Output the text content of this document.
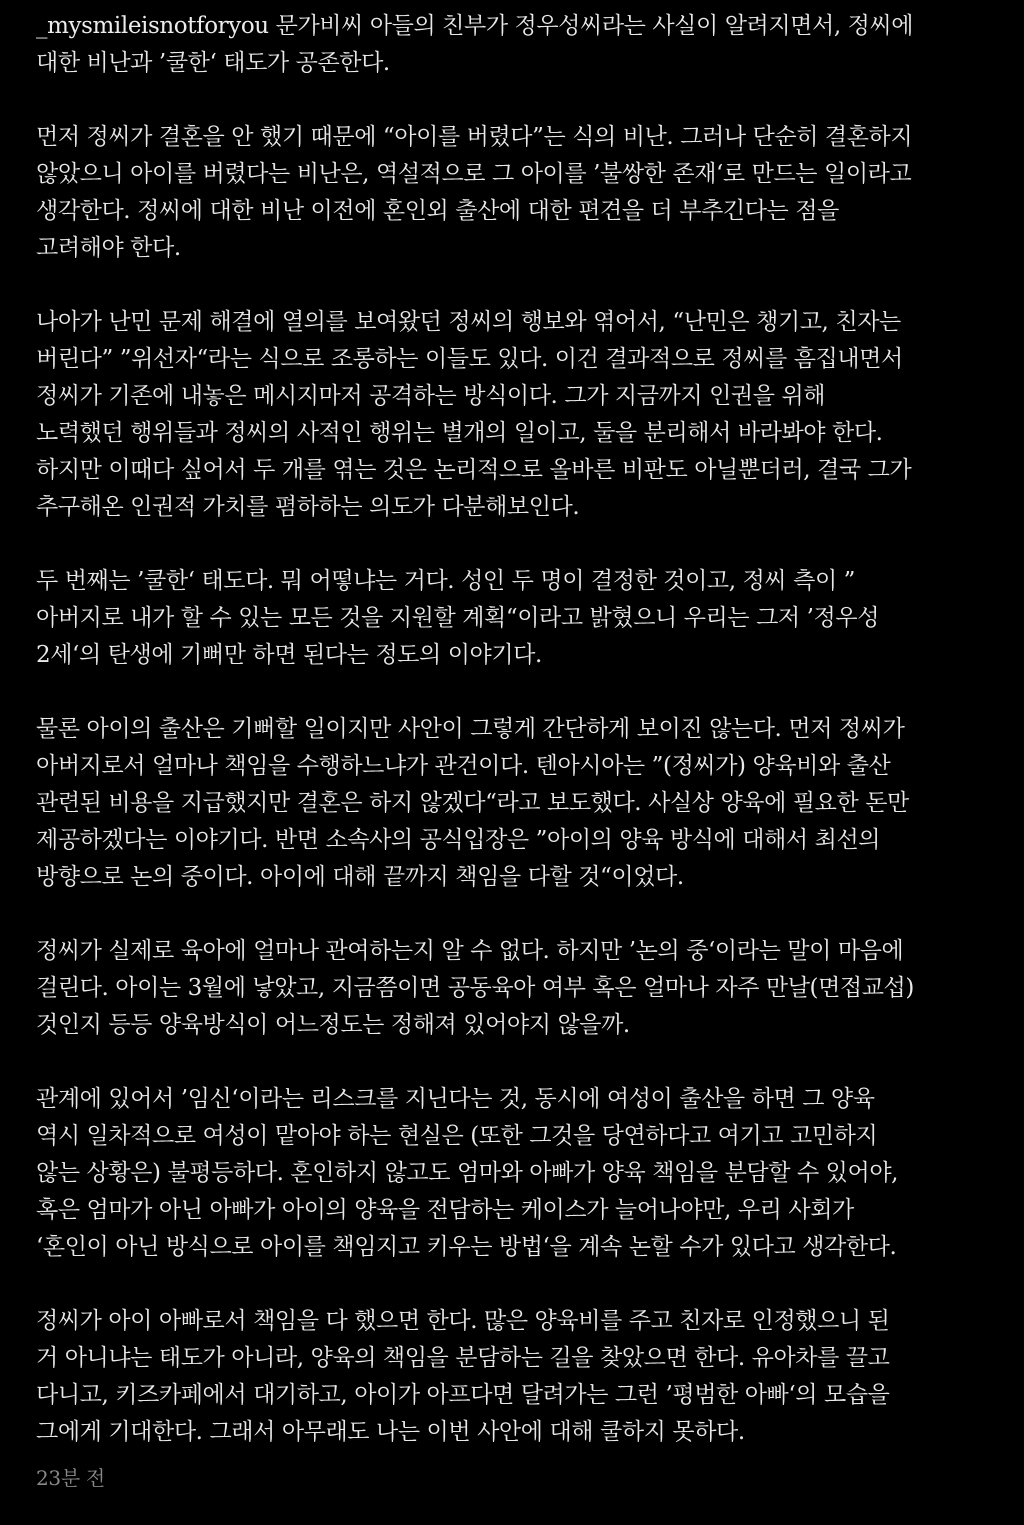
_mysmileisnotforyou 문가비씨 아들의 친부가 정우성씨라는 사실이 알려지면서, 정씨에
대한 비난과 ’쿨한‘ 태도가 공존한다.
먼저 정씨가 결혼을 안 했기 때문에 “아이를 버렸다”는 식의 비난. 그러나 단순히 결혼하지
않았으니 아이를 버렸다는 비난은, 역설적으로 그 아이를 ’불쌍한 존재‘로 만드는 일이라고
생각한다. 정씨에 대한 비난 이전에 혼인외 출산에 대한 편견을 더 부추긴다는 점을
고려해야 한다.
나아가 난민 문제 해결에 열의를 보여왔던 정씨의 행보와 엮어서, “난민은 챙기고, 친자는
버린다” ”위선자“라는 식으로 조롱하는 이들도 있다. 이건 결과적으로 정씨를 흠집내면서
정씨가 기존에 내놓은 메시지마저 공격하는 방식이다. 그가 지금까지 인권을 위해
노력했던 행위들과 정씨의 사적인 행위는 별개의 일이고, 둘을 분리해서 바라봐야 한다.
하지만 이때다 싶어서 두 개를 엮는 것은 논리적으로 올바른 비판도 아닐뿐더러, 결국 그가
추구해온 인권적 가치를 폄하하는 의도가 다분해보인다.
두 번째는 ’쿨한‘ 태도다. 뭐 어떻냐는 거다. 성인 두 명이 결정한 것이고, 정씨 측이 ”
아버지로 내가 할 수 있는 모든 것을 지원할 계획“이라고 밝혔으니 우리는 그저 ’정우성
2세‘의 탄생에 기뻐만 하면 된다는 정도의 이야기다.
물론 아이의 출산은 기뻐할 일이지만 사안이 그렇게 간단하게 보이진 않는다. 먼저 정씨가
아버지로서 얼마나 책임을 수행하느냐가 관건이다. 텐아시아는 ”(정씨가) 양육비와 출산
관련된 비용을 지급했지만 결혼은 하지 않겠다“라고 보도했다. 사실상 양육에 필요한 돈만
제공하겠다는 이야기다. 반면 소속사의 공식입장은 ”아이의 양육 방식에 대해서 최선의
방향으로 논의 중이다. 아이에 대해 끝까지 책임을 다할 것“이었다.
정씨가 실제로 육아에 얼마나 관여하는지 알 수 없다. 하지만 ’논의 중‘이라는 말이 마음에
걸린다. 아이는 3월에 낳았고, 지금쯤이면 공동육아 여부 혹은 얼마나 자주 만날(면접교섭)
것인지 등등 양육방식이 어느정도는 정해져 있어야지 않을까.
관계에 있어서 ’임신‘이라는 리스크를 지닌다는 것, 동시에 여성이 출산을 하면 그 양육
역시 일차적으로 여성이 맡아야 하는 현실은 (또한 그것을 당연하다고 여기고 고민하지
않는 상황은) 불평등하다. 혼인하지 않고도 엄마와 아빠가 양육 책임을 분담할 수 있어야,
혹은 엄마가 아닌 아빠가 아이의 양육을 전담하는 케이스가 늘어나야만, 우리 사회가
‘혼인이 아닌 방식으로 아이를 책임지고 키우는 방법‘을 계속 논할 수가 있다고 생각한다.
정씨가 아이 아빠로서 책임을 다 했으면 한다. 많은 양육비를 주고 친자로 인정했으니 된
거 아니냐는 태도가 아니라, 양육의 책임을 분담하는 길을 찾았으면 한다. 유아차를 끌고
다니고, 키즈카페에서 대기하고, 아이가 아프다면 달려가는 그런 ’평범한 아빠‘의 모습을
그에게 기대한다. 그래서 아무래도 나는 이번 사안에 대해 쿨하지 못하다.
23분 전
